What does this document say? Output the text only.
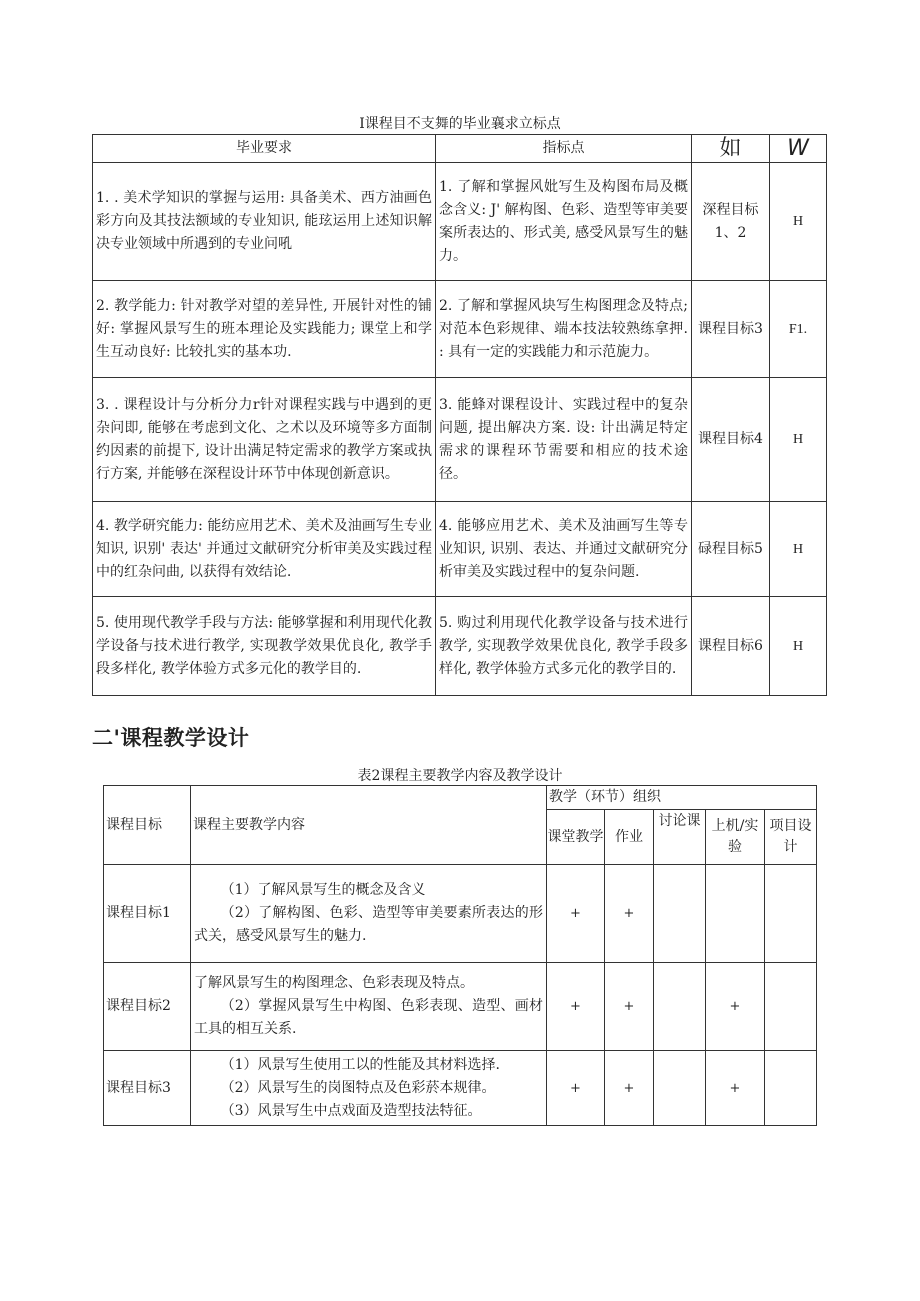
I课程目不支舞的毕业襄求立标点
毕业要求	指标点	如	W
1. . 美术学知识的掌握与运用: 具备美术、西方油画色彩方向及其技法额域的专业知识, 能玹运用上述知识解决专业领域中所遇到的专业问吼	1. 了解和掌握风妣写生及构图布局及概念含义: J' 解构图、色彩、造型等审美要案所表达的、形式美, 感受风景写生的魅力。	深程目标1、2	H
2. 教学能力: 针对教学对望的差异性, 开展针对性的铺好: 掌握风景写生的班本理论及实践能力; 课堂上和学生互动良好: 比较扎实的基本功.	2. 了解和掌握风块写生构图理念及特点; 对范本色彩规律、端本技法较熟练拿押. : 具有一定的实践能力和示范旎力。	课程目标3	F1.
3. . 课程设计与分析分力r针对课程实践与中遇到的更杂问即, 能够在考虑到文化、之术以及环境等多方面制约因素的前提下, 设计出满足特定需求的教学方案或执行方案, 并能够在深程设计环节中体现创新意识。	3. 能蜂对课程设计、实践过程中的复杂问题, 提出解决方案. 设: 计出满足特定需求的课程环节需要和相应的技术途径。	课程目标4	H
4. 教学研究能力: 能纺应用艺术、美术及油画写生专业知识, 识别' 表达' 并通过文献研究分析审美及实践过程中的红杂问曲, 以获得有效结论.	4. 能够应用艺术、美术及油画写生等专业知识, 识别、表达、并通过文献研究分析审美及实践过程中的复杂问题.	碌程目标5	H
5. 使用现代教学手段与方法: 能够掌握和利用现代化教学设备与技术进行教学, 实现教学效果优良化, 教学手段多样化, 教学体验方式多元化的教学目的.	5. 购过利用现代化教学设备与技术进行教学, 实现教学效果优良化, 教学手段多样化, 教学体验方式多元化的教学目的.	课程目标6	H
二'课程教学设计
表2课程主要教学内容及教学设计
课程目标	课程主要教学内容	教学（环节）组织				
		课堂教学	作业	讨论课	上机/实验	项目设计
课程目标1	（1）了解风景写生的概念及含义
（2）了解构图、色彩、造型等审美要素所表达的形式关，感受风景写生的魅力.	+	+			
课程目标2	了解风景写生的构图理念、色彩表现及特点。
（2）掌握风景写生中构图、色彩表现、造型、画材工具的相互关系.	+	+		+	
课程目标3	（1）风景写生使用工以的性能及其材料选择.
（2）风景写生的岗图特点及色彩菸本规律。
（3）风景写生中点戏面及造型技法特征。	+	+		+	
